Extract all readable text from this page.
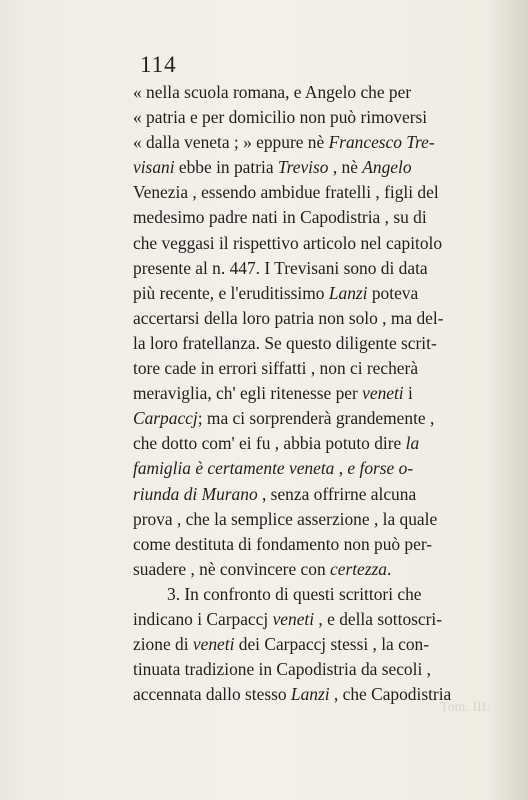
114
« nella scuola romana, e Angelo che per
« patria e per domicilio non può rimoversi
« dalla veneta ; » eppure nè Francesco Tre-
visani ebbe in patria Treviso , nè Angelo
Venezia , essendo ambidue fratelli , figli del
medesimo padre nati in Capodistria , su di
che veggasi il rispettivo articolo nel capitolo
presente al n. 447. I Trevisani sono di data
più recente, e l'eruditissimo Lanzi poteva
accertarsi della loro patria non solo , ma del-
la loro fratellanza. Se questo diligente scrit-
tore cade in errori siffatti , non ci recherà
meraviglia, ch' egli ritenesse per veneti i
Carpaccj; ma ci sorprenderà grandemente ,
che dotto com' ei fu , abbia potuto dire la
famiglia è certamente veneta , e forse o-
riunda di Murano , senza offrirne alcuna
prova , che la semplice asserzione , la quale
come destituta di fondamento non può per-
suadere , nè convincere con certezza.
3. In confronto di questi scrittori che
indicano i Carpaccj veneti , e della sottoscri-
zione di veneti dei Carpaccj stessi , la con-
tinuata tradizione in Capodistria da secoli ,
accennata dallo stesso Lanzi , che Capodistria
Tom. III.
